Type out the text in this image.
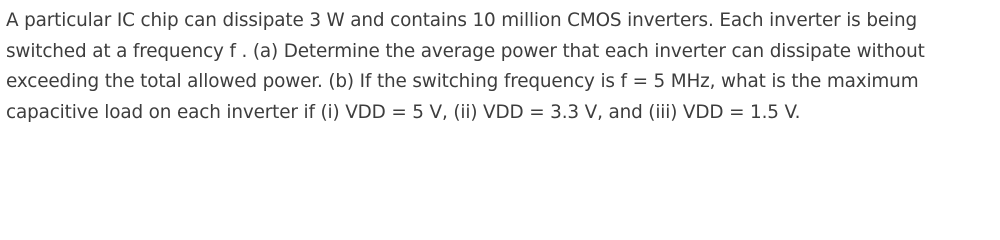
A particular IC chip can dissipate 3 W and contains 10 million CMOS inverters. Each inverter is being
switched at a frequency f . (a) Determine the average power that each inverter can dissipate without
exceeding the total allowed power. (b) If the switching frequency is f = 5 MHz, what is the maximum
capacitive load on each inverter if (i) VDD = 5 V, (ii) VDD = 3.3 V, and (iii) VDD = 1.5 V.
